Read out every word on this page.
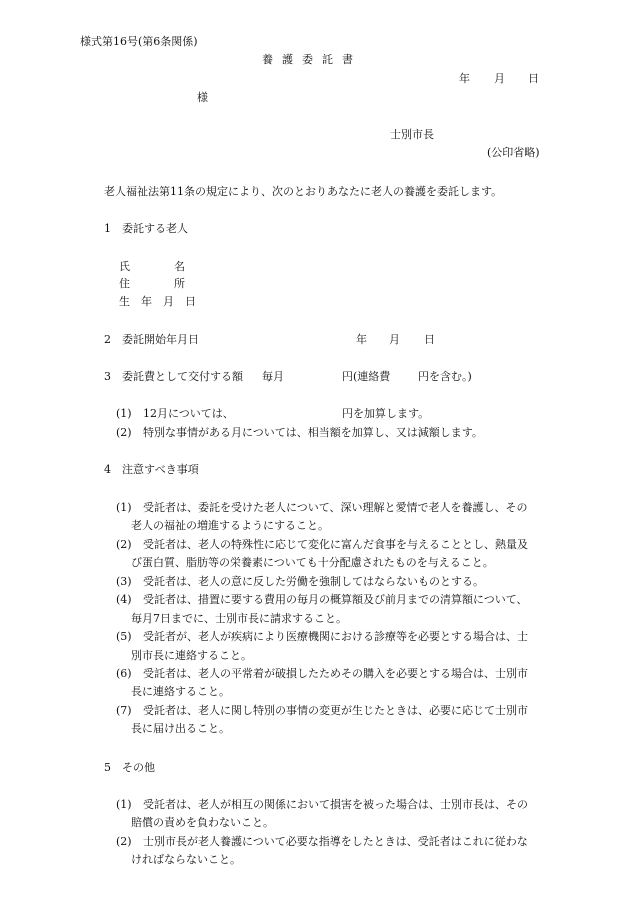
様式第16号(第6条関係)
養護委託書
年 月 日
様
士別市長
(公印省略)
老人福祉法第11条の規定により、次のとおりあなたに老人の養護を委託します。
1　委託する老人
氏　　　　名
住　　　　所
生　年　月　日
2　委託開始年月日	年 月 日
3　委託費として交付する額 毎月	円(連絡費	円を含む。)
(1) 12月については、	円を加算します。
(2) 特別な事情がある月については、相当額を加算し、又は減額します。
4　注意すべき事項
(1) 受託者は、委託を受けた老人について、深い理解と愛情で老人を養護し、その
老人の福祉の増進するようにすること。
(2) 受託者は、老人の特殊性に応じて変化に富んだ食事を与えることとし、熱量及
び蛋白質、脂肪等の栄養素についても十分配慮されたものを与えること。
(3) 受託者は、老人の意に反した労働を強制してはならないものとする。
(4) 受託者は、措置に要する費用の毎月の概算額及び前月までの清算額について、
毎月7日までに、士別市長に請求すること。
(5) 受託者が、老人が疾病により医療機関における診療等を必要とする場合は、士
別市長に連絡すること。
(6) 受託者は、老人の平常着が破損したためその購入を必要とする場合は、士別市
長に連絡すること。
(7) 受託者は、老人に関し特別の事情の変更が生じたときは、必要に応じて士別市
長に届け出ること。
5　その他
(1) 受託者は、老人が相互の関係において損害を被った場合は、士別市長は、その
賠償の責めを負わないこと。
(2) 士別市長が老人養護について必要な指導をしたときは、受託者はこれに従わな
ければならないこと。
